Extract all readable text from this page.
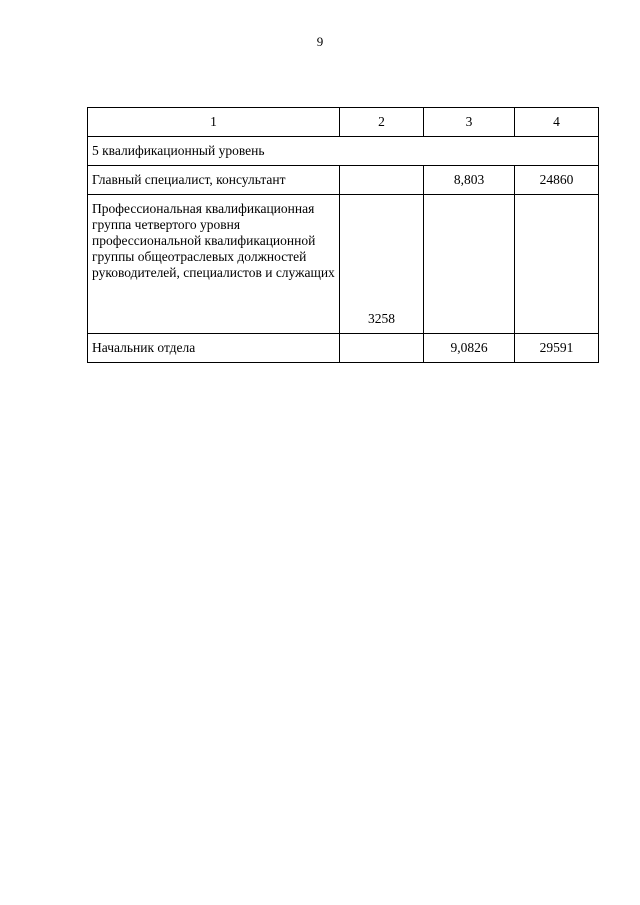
9
1	2	3	4
5 квалификационный уровень			
Главный специалист, консультант		8,803	24860
Профессиональная квалификационная группа четвертого уровня профессиональной квалификационной группы общеотраслевых должностей руководителей, специалистов и служащих	3258		
Начальник отдела		9,0826	29591
